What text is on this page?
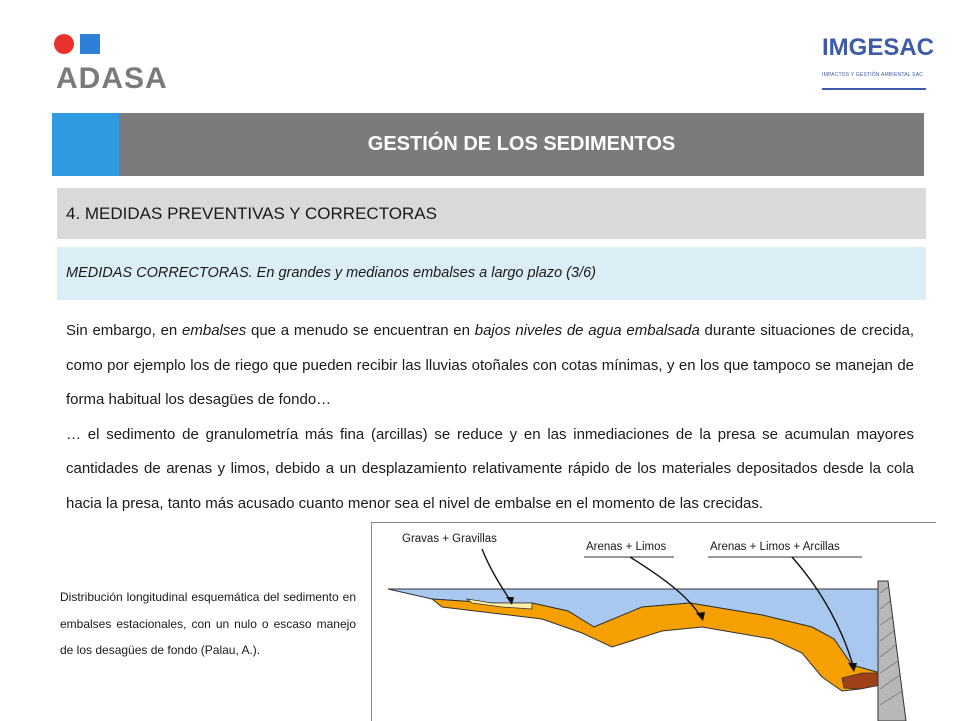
ADASA
IMGESAC
IMPACTOS Y GESTIÓN AMBIENTAL SAC
GESTIÓN DE LOS SEDIMENTOS
4. MEDIDAS PREVENTIVAS Y CORRECTORAS
MEDIDAS CORRECTORAS. En grandes y medianos embalses a largo plazo (3/6)

Sin embargo, en embalses que a menudo se encuentran en bajos niveles de agua embalsada durante situaciones de crecida, como por ejemplo los de riego que pueden recibir las lluvias otoñales con cotas mínimas, y en los que tampoco se manejan de forma habitual los desagües de fondo…

… el sedimento de granulometría más fina (arcillas) se reduce y en las inmediaciones de la presa se acumulan mayores cantidades de arenas y limos, debido a un desplazamiento relativamente rápido de los materiales depositados desde la cola hacia la presa, tanto más acusado cuanto menor sea el nivel de embalse en el momento de las crecidas.

Distribución longitudinal esquemática del sedimento en embalses estacionales, con un nulo o escaso manejo de los desagües de fondo (Palau, A.).
Gravas + Gravillas
Arenas + Limos	Arenas + Limos + Arcillas
